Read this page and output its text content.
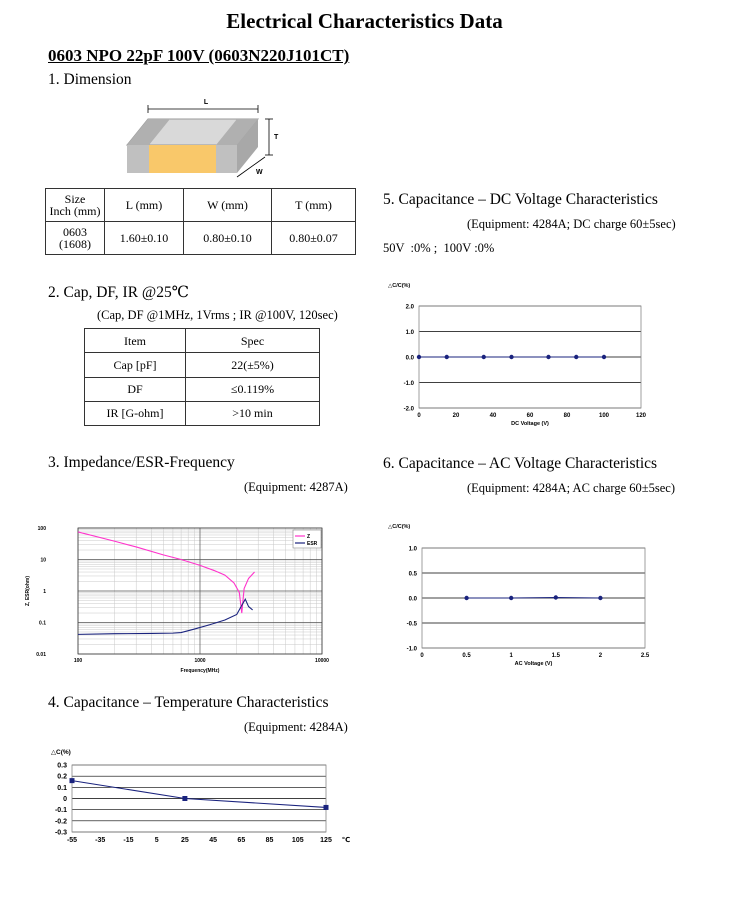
Electrical Characteristics Data
0603 NPO 22pF 100V (0603N220J101CT)
1. Dimension
L
T
W
Size
Inch (mm)	L (mm)	W (mm)	T (mm)
0603
(1608)	1.60±0.10	0.80±0.10	0.80±0.07
2. Cap, DF, IR @25℃
(Cap, DF @1MHz, 1Vrms ; IR @100V, 120sec)
Item	Spec
Cap [pF]	22(±5%)
DF	≤0.119%
IR [G-ohm]	>10 min
3. Impedance/ESR-Frequency
(Equipment: 4287A)
100
10
1
0.1
0.01
100	1000	10000
Frequency(MHz)
Z, ESR(ohm)
Z
ESR
4. Capacitance – Temperature Characteristics
(Equipment: 4284A)
0.3
0.2
0.1
0
-0.1
-0.2
-0.3
-55	-35	-15	5	25	45	65	85	105 125 ℃
△C(%)
5. Capacitance – DC Voltage Characteristics
(Equipment: 4284A; DC charge 60±5sec)
50V  :0% ;  100V :0%
2.0
1.0
0.0
-1.0
-2.0
0	20	40	60	80	100	120
DC Voltage (V)
△C/C(%)
6. Capacitance – AC Voltage Characteristics
(Equipment: 4284A; AC charge 60±5sec)
1.0
0.5
0.0
-0.5
-1.0
0	0.5	1	1.5	2	2.5
AC Voltage (V)
△C/C(%)
